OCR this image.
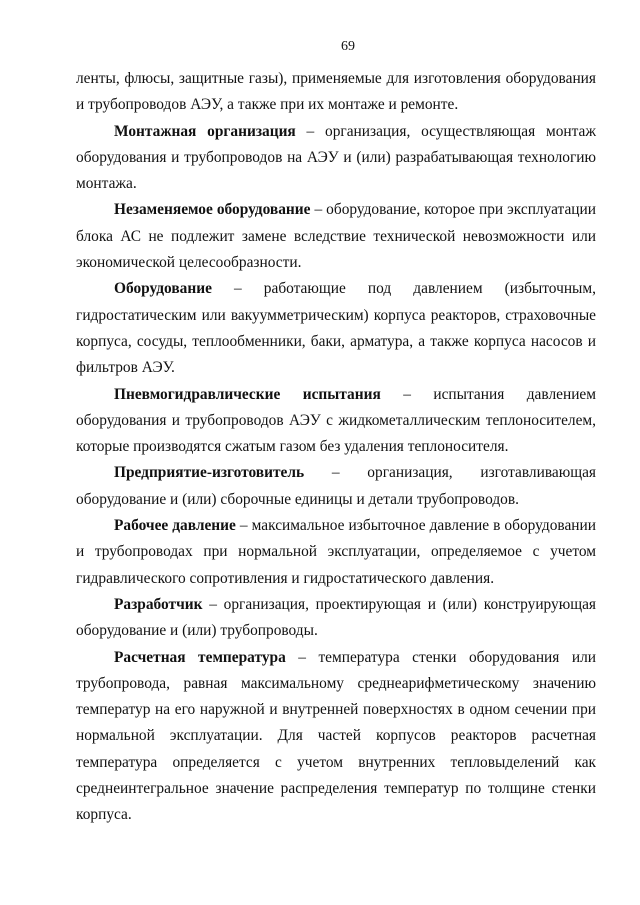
69

ленты, флюсы, защитные газы), применяемые для изготовления оборудования и трубопроводов АЭУ, а также при их монтаже и ремонте.

Монтажная организация – организация, осуществляющая монтаж оборудования и трубопроводов на АЭУ и (или) разрабатывающая технологию монтажа.

Незаменяемое оборудование – оборудование, которое при эксплуатации блока АС не подлежит замене вследствие технической невозможности или экономической целесообразности.

Оборудование – работающие под давлением (избыточным, гидростатическим или вакуумметрическим) корпуса реакторов, страховочные корпуса, сосуды, теплообменники, баки, арматура, а также корпуса насосов и фильтров АЭУ.

Пневмогидравлические испытания – испытания давлением оборудования и трубопроводов АЭУ с жидкометаллическим теплоносителем, которые производятся сжатым газом без удаления теплоносителя.

Предприятие-изготовитель – организация, изготавливающая оборудование и (или) сборочные единицы и детали трубопроводов.

Рабочее давление – максимальное избыточное давление в оборудовании и трубопроводах при нормальной эксплуатации, определяемое с учетом гидравлического сопротивления и гидростатического давления.

Разработчик – организация, проектирующая и (или) конструирующая оборудование и (или) трубопроводы.

Расчетная температура – температура стенки оборудования или трубопровода, равная максимальному среднеарифметическому значению температур на его наружной и внутренней поверхностях в одном сечении при нормальной эксплуатации. Для частей корпусов реакторов расчетная температура определяется с учетом внутренних тепловыделений как среднеинтегральное значение распределения температур по толщине стенки корпуса.
